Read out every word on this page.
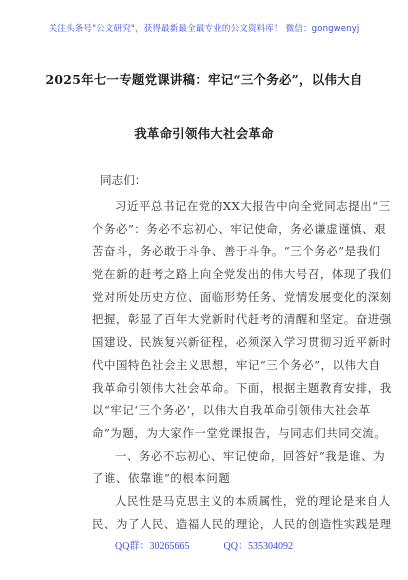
关注头条号"公文研究"，获得最新最全最专业的公文资料库！ 微信：gongwenyj
2025年七一专题党课讲稿：牢记“三个务必”，以伟大自
我革命引领伟大社会革命
同志们：
习近平总书记在党的XX大报告中向全党同志提出“三
个务必”：务必不忘初心、牢记使命，务必谦虚谨慎、艰
苦奋斗，务必敢于斗争、善于斗争。“三个务必”是我们
党在新的赶考之路上向全党发出的伟大号召，体现了我们
党对所处历史方位、面临形势任务、党情发展变化的深刻
把握，彰显了百年大党新时代赶考的清醒和坚定。奋进强
国建设、民族复兴新征程，必须深入学习贯彻习近平新时
代中国特色社会主义思想，牢记“三个务必”，以伟大自
我革命引领伟大社会革命。下面，根据主题教育安排，我
以“牢记‘三个务必’，以伟大自我革命引领伟大社会革
命”为题，为大家作一堂党课报告，与同志们共同交流。
一、务必不忘初心、牢记使命，回答好“我是谁、为
了谁、依靠谁”的根本问题
人民性是马克思主义的本质属性，党的理论是来自人
民、为了人民、造福人民的理论，人民的创造性实践是理
QQ群：30265665	QQ：535304092
